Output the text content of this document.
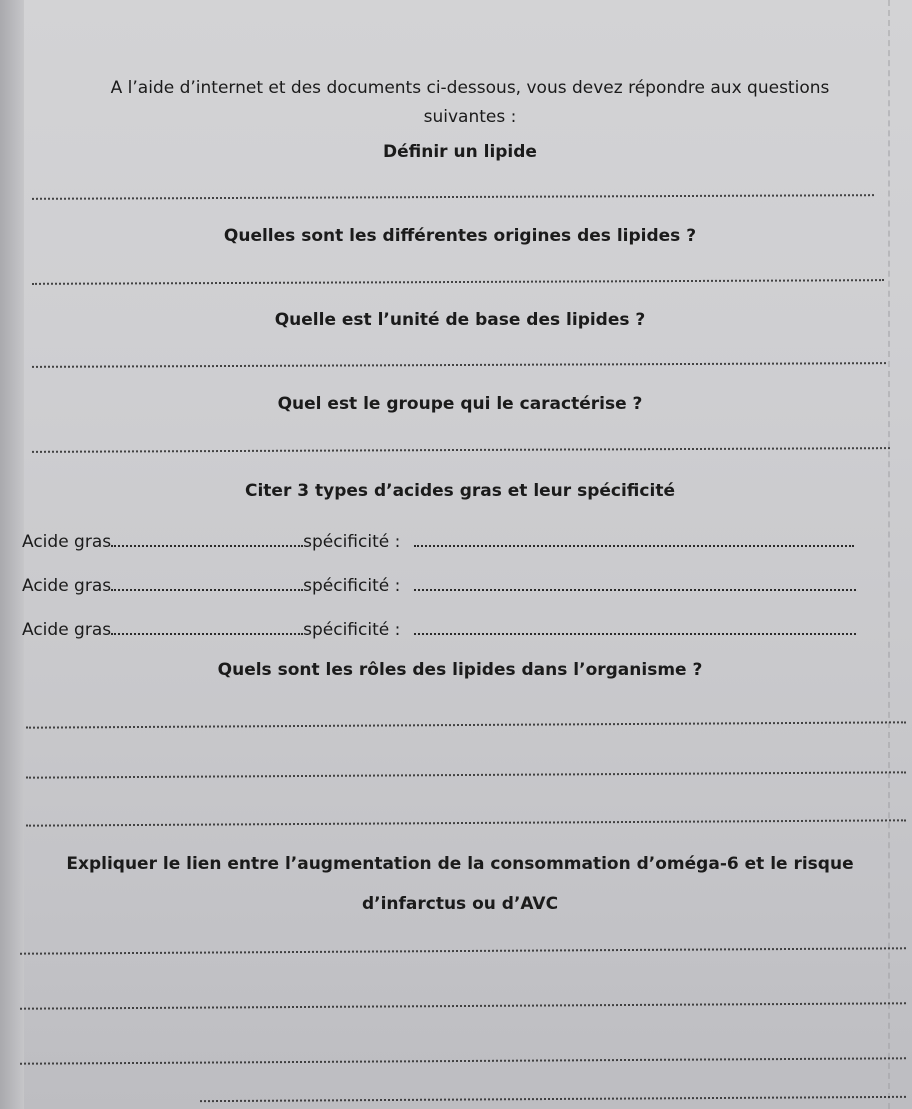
A l’aide d’internet et des documents ci-dessous, vous devez répondre aux questions
suivantes :
Définir un lipide
Quelles sont les différentes origines des lipides ?
Quelle est l’unité de base des lipides ?
Quel est le groupe qui le caractérise ?
Citer 3 types d’acides gras et leur spécificité
Acide gras	spécificité :
Acide gras	spécificité :
Acide gras	spécificité :
Quels sont les rôles des lipides dans l’organisme ?
Expliquer le lien entre l’augmentation de la consommation d’oméga-6 et le risque
d’infarctus ou d’AVC
